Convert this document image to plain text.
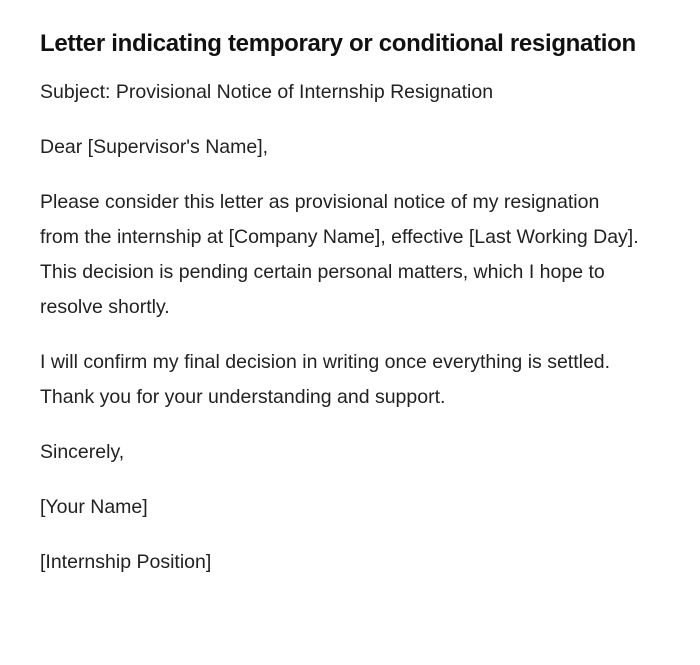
Letter indicating temporary or conditional resignation

Subject: Provisional Notice of Internship Resignation

Dear [Supervisor's Name],

Please consider this letter as provisional notice of my resignation from the internship at [Company Name], effective [Last Working Day]. This decision is pending certain personal matters, which I hope to resolve shortly.

I will confirm my final decision in writing once everything is settled. Thank you for your understanding and support.

Sincerely,

[Your Name]

[Internship Position]
